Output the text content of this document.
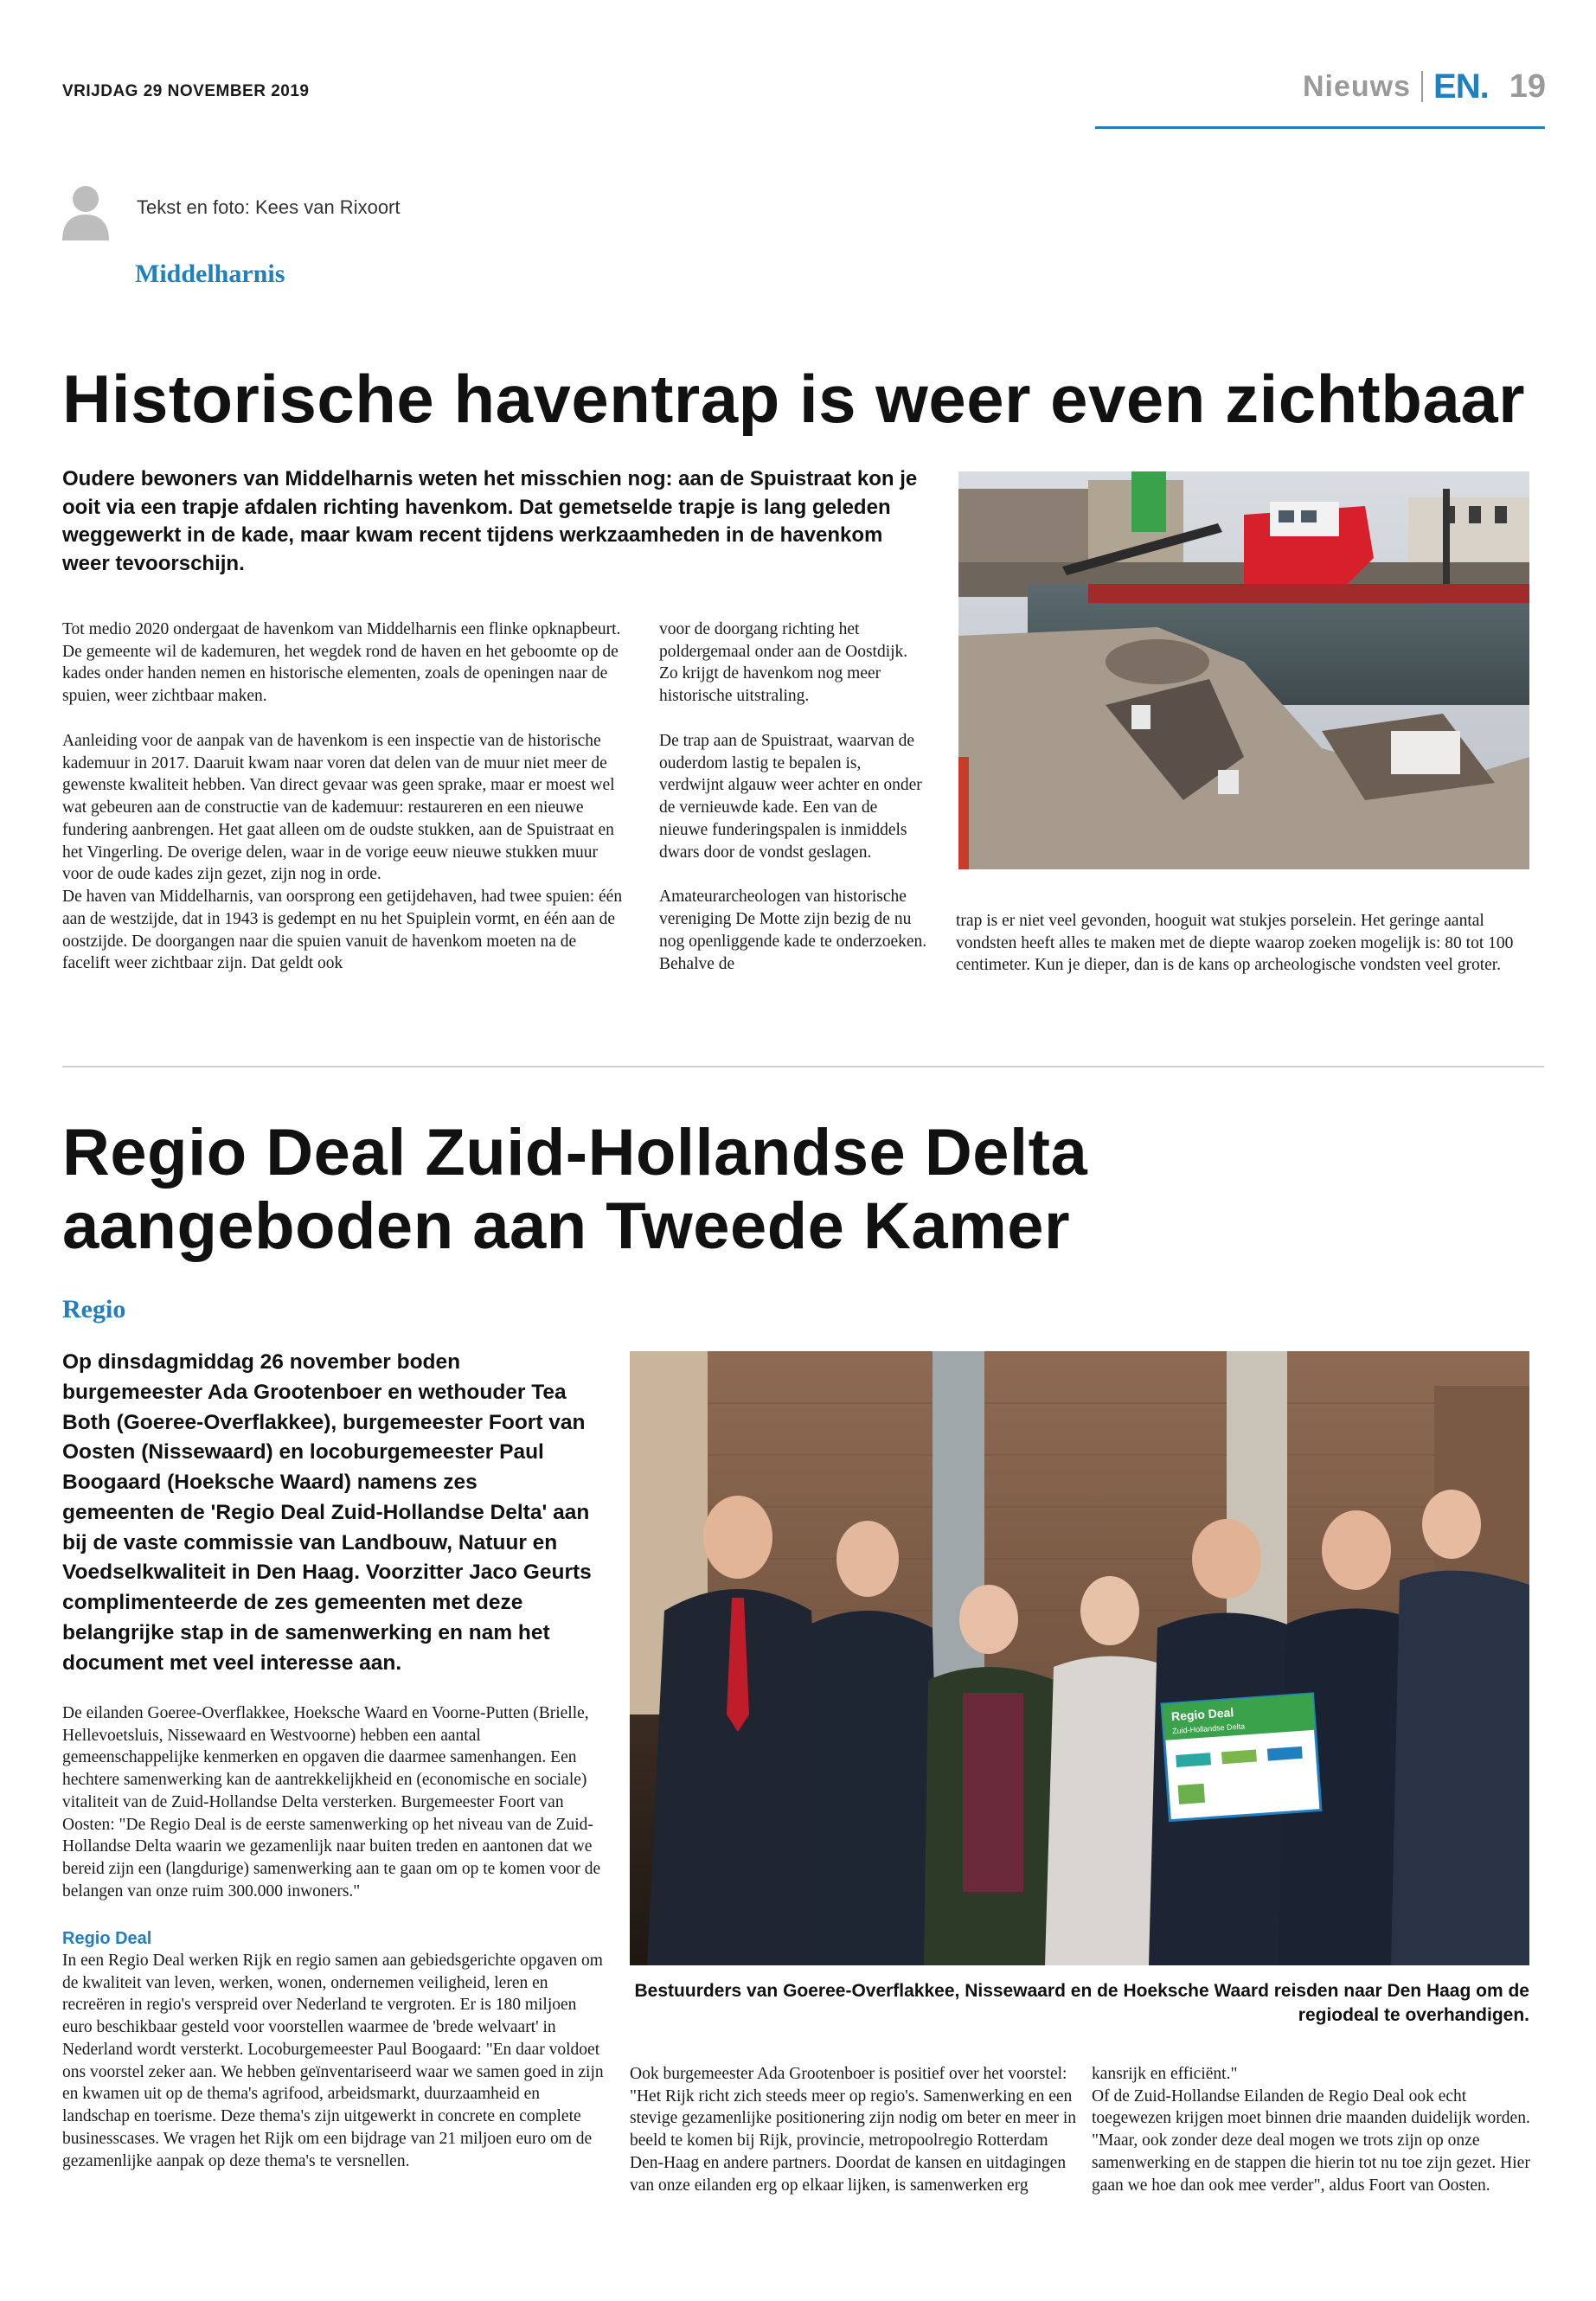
VRIJDAG 29 NOVEMBER 2019	Nieuws EN. 19
Tekst en foto: Kees van Rixoort
Middelharnis
Historische haventrap is weer even zichtbaar
Oudere bewoners van Middelharnis weten het misschien nog: aan de Spuistraat kon je ooit via een trapje afdalen richting havenkom. Dat gemetselde trapje is lang geleden weggewerkt in de kade, maar kwam recent tijdens werkzaamheden in de havenkom weer tevoorschijn.

Tot medio 2020 ondergaat de havenkom van Middelharnis een flinke opknapbeurt. De gemeente wil de kademuren, het wegdek rond de haven en het geboomte op de kades onder handen nemen en historische elementen, zoals de openingen naar de spuien, weer zichtbaar maken.

Aanleiding voor de aanpak van de havenkom is een inspectie van de historische kademuur in 2017. Daaruit kwam naar voren dat delen van de muur niet meer de gewenste kwaliteit hebben. Van direct gevaar was geen sprake, maar er moest wel wat gebeuren aan de constructie van de kademuur: restaureren en een nieuwe fundering aanbrengen. Het gaat alleen om de oudste stukken, aan de Spuistraat en het Vingerling. De overige delen, waar in de vorige eeuw nieuwe stukken muur voor de oude kades zijn gezet, zijn nog in orde.

De haven van Middelharnis, van oorsprong een getijdehaven, had twee spuien: één aan de westzijde, dat in 1943 is gedempt en nu het Spuiplein vormt, en één aan de oostzijde. De doorgangen naar die spuien vanuit de havenkom moeten na de facelift weer zichtbaar zijn. Dat geldt ook

voor de doorgang richting het poldergemaal onder aan de Oostdijk. Zo krijgt de havenkom nog meer historische uitstraling.

De trap aan de Spuistraat, waarvan de ouderdom lastig te bepalen is, verdwijnt algauw weer achter en onder de vernieuwde kade. Een van de nieuwe funderingspalen is inmiddels dwars door de vondst geslagen.

Amateurarcheologen van historische vereniging De Motte zijn bezig de nu nog openliggende kade te onderzoeken. Behalve de

trap is er niet veel gevonden, hooguit wat stukjes porselein. Het geringe aantal vondsten heeft alles te maken met de diepte waarop zoeken mogelijk is: 80 tot 100 centimeter. Kun je dieper, dan is de kans op archeologische vondsten veel groter.

Regio Deal Zuid-Hollandse Delta
aangeboden aan Tweede Kamer
Regio
Op dinsdagmiddag 26 november boden burgemeester Ada Grootenboer en wethouder Tea Both (Goeree-Overflakkee), burgemeester Foort van Oosten (Nissewaard) en locoburgemeester Paul Boogaard (Hoeksche Waard) namens zes gemeenten de 'Regio Deal Zuid-Hollandse Delta' aan bij de vaste commissie van Landbouw, Natuur en Voedselkwaliteit in Den Haag. Voorzitter Jaco Geurts complimenteerde de zes gemeenten met deze belangrijke stap in de samenwerking en nam het document met veel interesse aan.
Regio Deal
Zuid-Hollandse Delta
Bestuurders van Goeree-Overflakkee, Nissewaard en de Hoeksche Waard reisden naar Den Haag om de regiodeal te overhandigen.

De eilanden Goeree-Overflakkee, Hoeksche Waard en Voorne-Putten (Brielle, Hellevoetsluis, Nissewaard en Westvoorne) hebben een aantal gemeenschappelijke kenmerken en opgaven die daarmee samenhangen. Een hechtere samenwerking kan de aantrekkelijkheid en (economische en sociale) vitaliteit van de Zuid-Hollandse Delta versterken. Burgemeester Foort van Oosten: "De Regio Deal is de eerste samenwerking op het niveau van de Zuid-Hollandse Delta waarin we gezamenlijk naar buiten treden en aantonen dat we bereid zijn een (langdurige) samenwerking aan te gaan om op te komen voor de belangen van onze ruim 300.000 inwoners."

Regio Deal

In een Regio Deal werken Rijk en regio samen aan gebiedsgerichte opgaven om de kwaliteit van leven, werken, wonen, ondernemen veiligheid, leren en recreëren in regio's verspreid over Nederland te vergroten. Er is 180 miljoen euro beschikbaar gesteld voor voorstellen waarmee de 'brede welvaart' in Nederland wordt versterkt. Locoburgemeester Paul Boogaard: "En daar voldoet ons voorstel zeker aan. We hebben geïnventariseerd waar we samen goed in zijn en kwamen uit op de thema's agrifood, arbeidsmarkt, duurzaamheid en landschap en toerisme. Deze thema's zijn uitgewerkt in concrete en complete businesscases. We vragen het Rijk om een bijdrage van 21 miljoen euro om de gezamenlijke aanpak op deze thema's te versnellen.

Ook burgemeester Ada Grootenboer is positief over het voorstel: "Het Rijk richt zich steeds meer op regio's. Samenwerking en een stevige gezamenlijke positionering zijn nodig om beter en meer in beeld te komen bij Rijk, provincie, metropoolregio Rotterdam Den-Haag en andere partners. Doordat de kansen en uitdagingen van onze eilanden erg op elkaar lijken, is samenwerken erg

kansrijk en efficiënt."

Of de Zuid-Hollandse Eilanden de Regio Deal ook echt toegewezen krijgen moet binnen drie maanden duidelijk worden. "Maar, ook zonder deze deal mogen we trots zijn op onze samenwerking en de stappen die hierin tot nu toe zijn gezet. Hier gaan we hoe dan ook mee verder", aldus Foort van Oosten.
